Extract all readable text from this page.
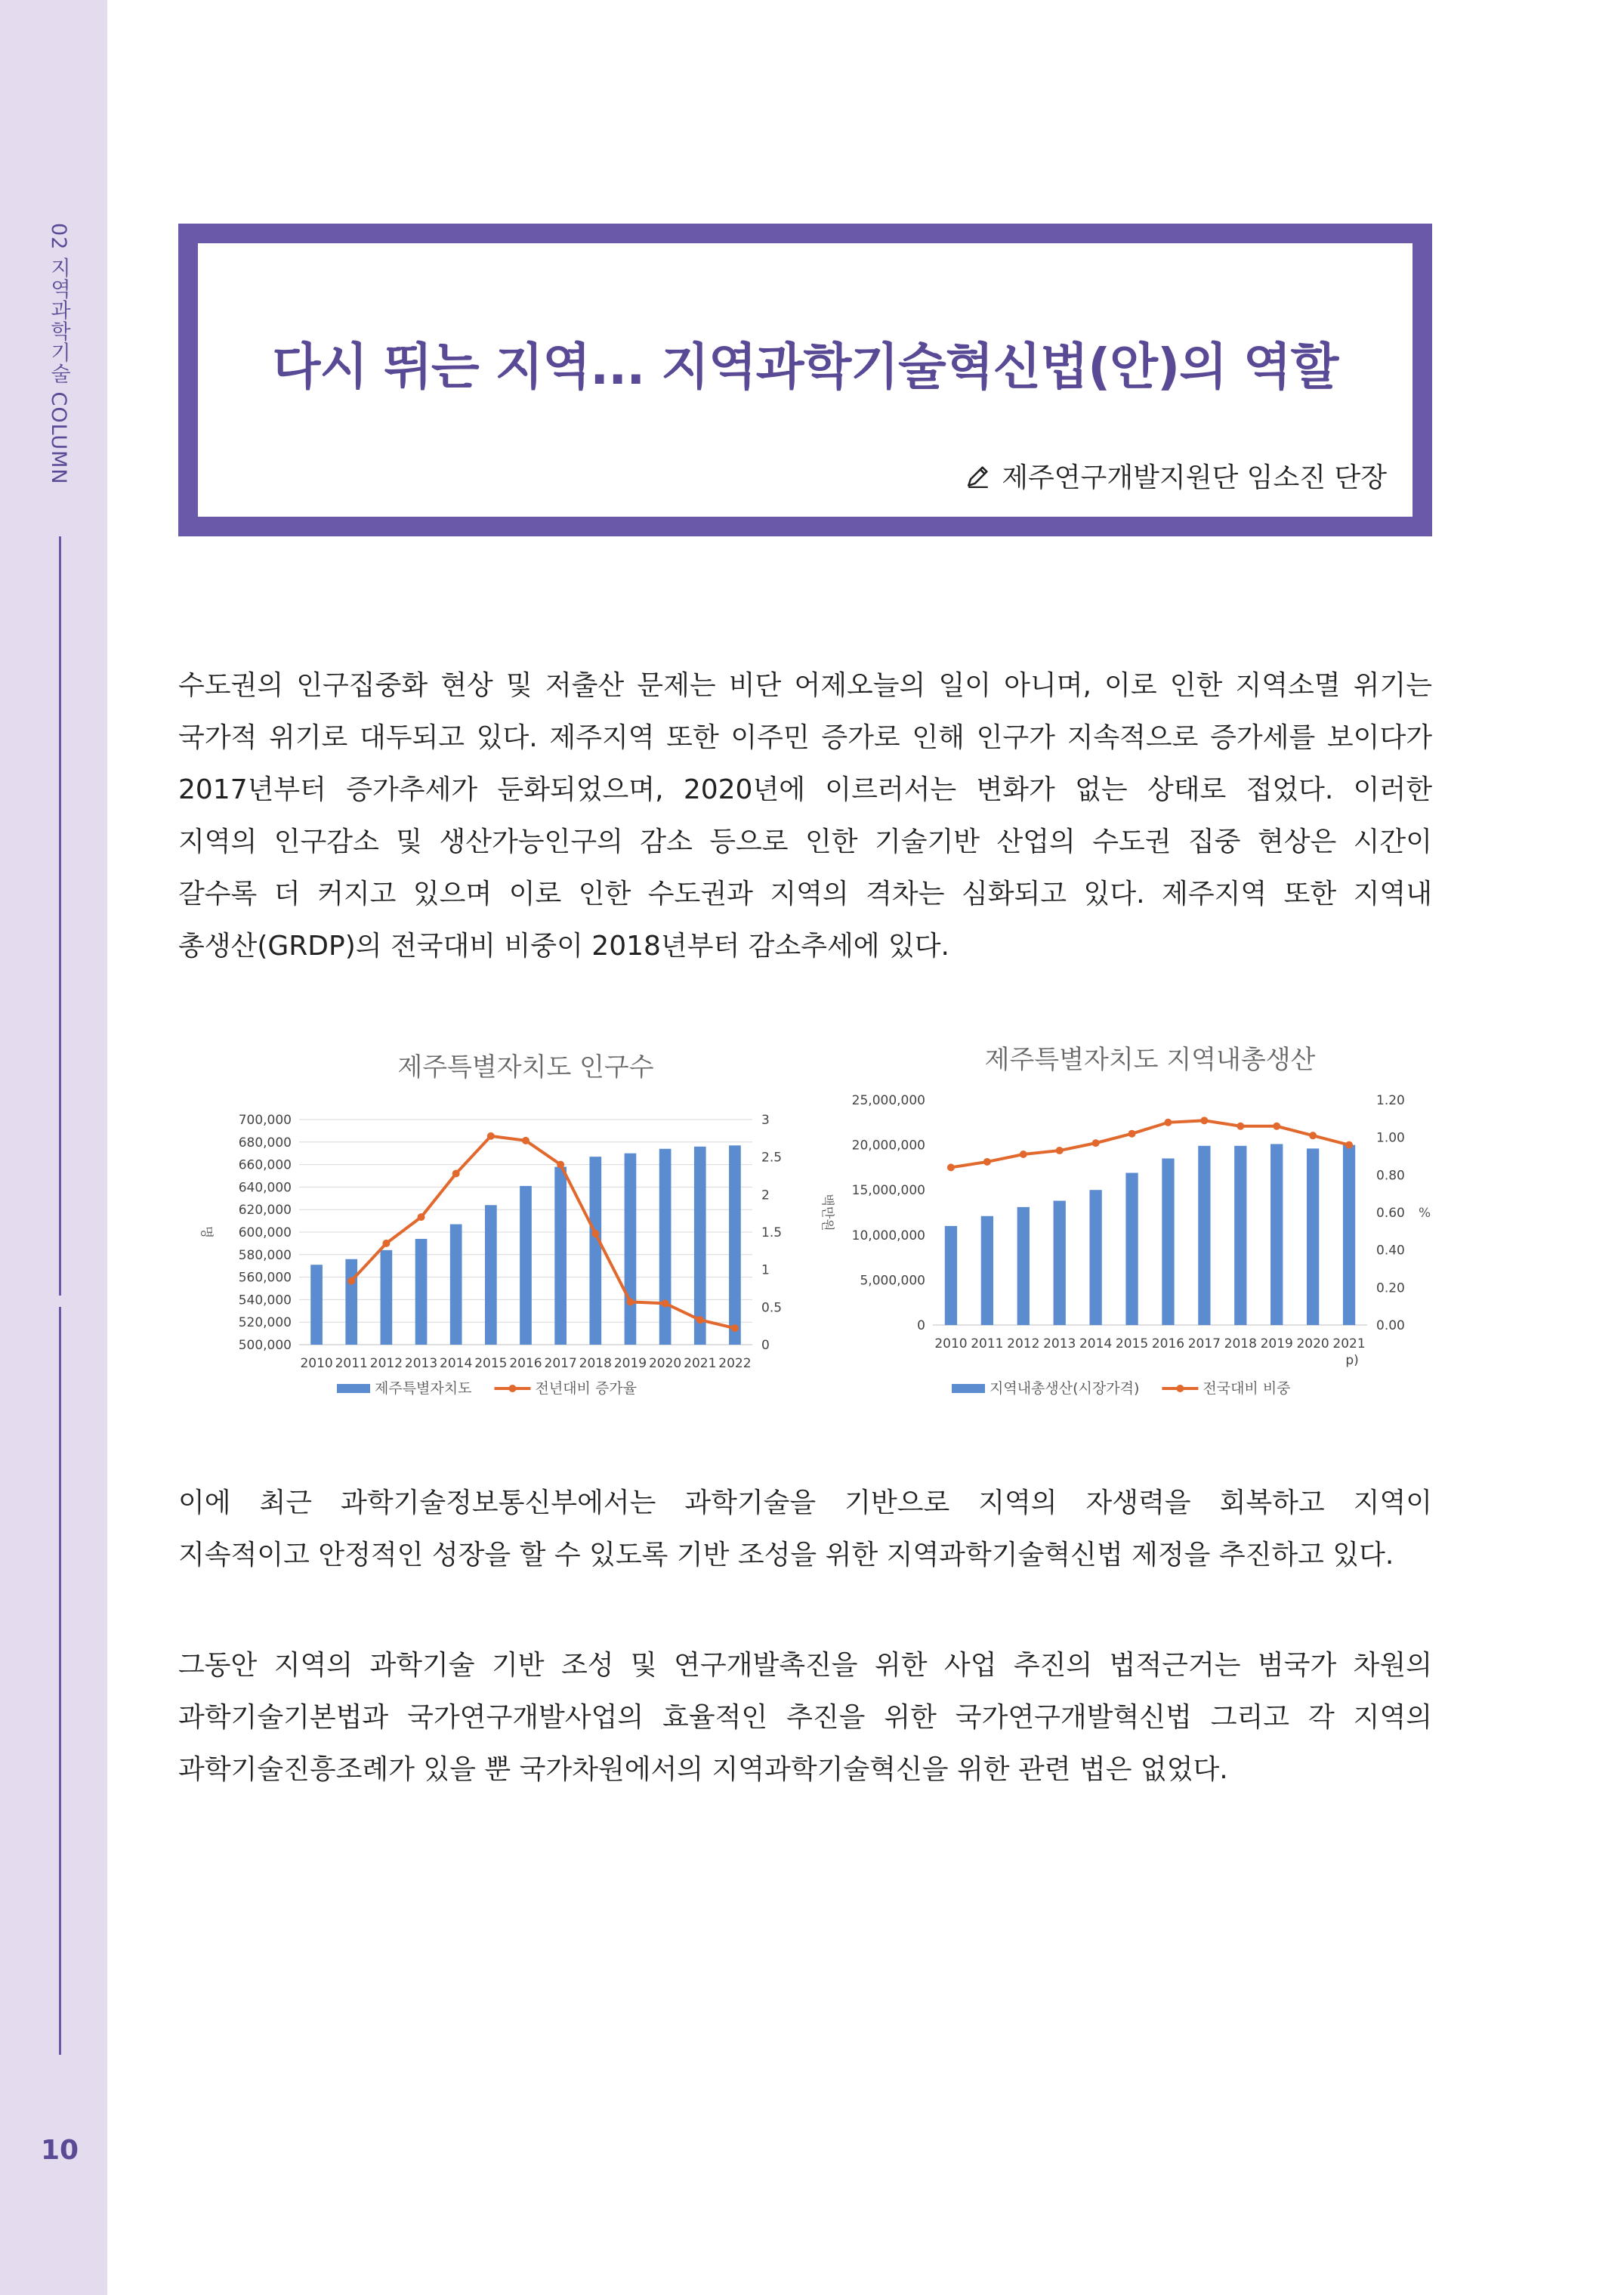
02 지역과학기술 COLUMN
10
다시 뛰는 지역... 지역과학기술혁신법(안)의 역할
제주연구개발지원단 임소진 단장
수도권의 인구집중화 현상 및 저출산 문제는 비단 어제오늘의 일이 아니며, 이로 인한 지역소멸 위기는
국가적 위기로 대두되고 있다. 제주지역 또한 이주민 증가로 인해 인구가 지속적으로 증가세를 보이다가
2017년부터 증가추세가 둔화되었으며, 2020년에 이르러서는 변화가 없는 상태로 접었다. 이러한
지역의 인구감소 및 생산가능인구의 감소 등으로 인한 기술기반 산업의 수도권 집중 현상은 시간이
갈수록 더 커지고 있으며 이로 인한 수도권과 지역의 격차는 심화되고 있다. 제주지역 또한 지역내
총생산(GRDP)의 전국대비 비중이 2018년부터 감소추세에 있다.
제주특별자치도 인구수
700,000
680,000
660,000
640,000
620,000
600,000
580,000
560,000
540,000
520,000
500,000
3
2.5
2
1.5
1
0.5
0
명
2010 2011 2012 2013 2014 2015 2016 2017 2018 2019 2020 2021 2022
제주특별자치도	전년대비 증가율
제주특별자치도 지역내총생산
25,000,000
20,000,000
15,000,000
10,000,000
5,000,000
0
1.20
1.00
0.80
0.60
0.40
0.20
0.00
백만원	%
2010 2011 2012 2013 2014 2015 2016 2017 2018 2019 2020 2021
p)
지역내총생산(시장가격)	전국대비 비중
이에 최근 과학기술정보통신부에서는 과학기술을 기반으로 지역의 자생력을 회복하고 지역이
지속적이고 안정적인 성장을 할 수 있도록 기반 조성을 위한 지역과학기술혁신법 제정을 추진하고 있다.
그동안 지역의 과학기술 기반 조성 및 연구개발촉진을 위한 사업 추진의 법적근거는 범국가 차원의
과학기술기본법과 국가연구개발사업의 효율적인 추진을 위한 국가연구개발혁신법 그리고 각 지역의
과학기술진흥조례가 있을 뿐 국가차원에서의 지역과학기술혁신을 위한 관련 법은 없었다.
